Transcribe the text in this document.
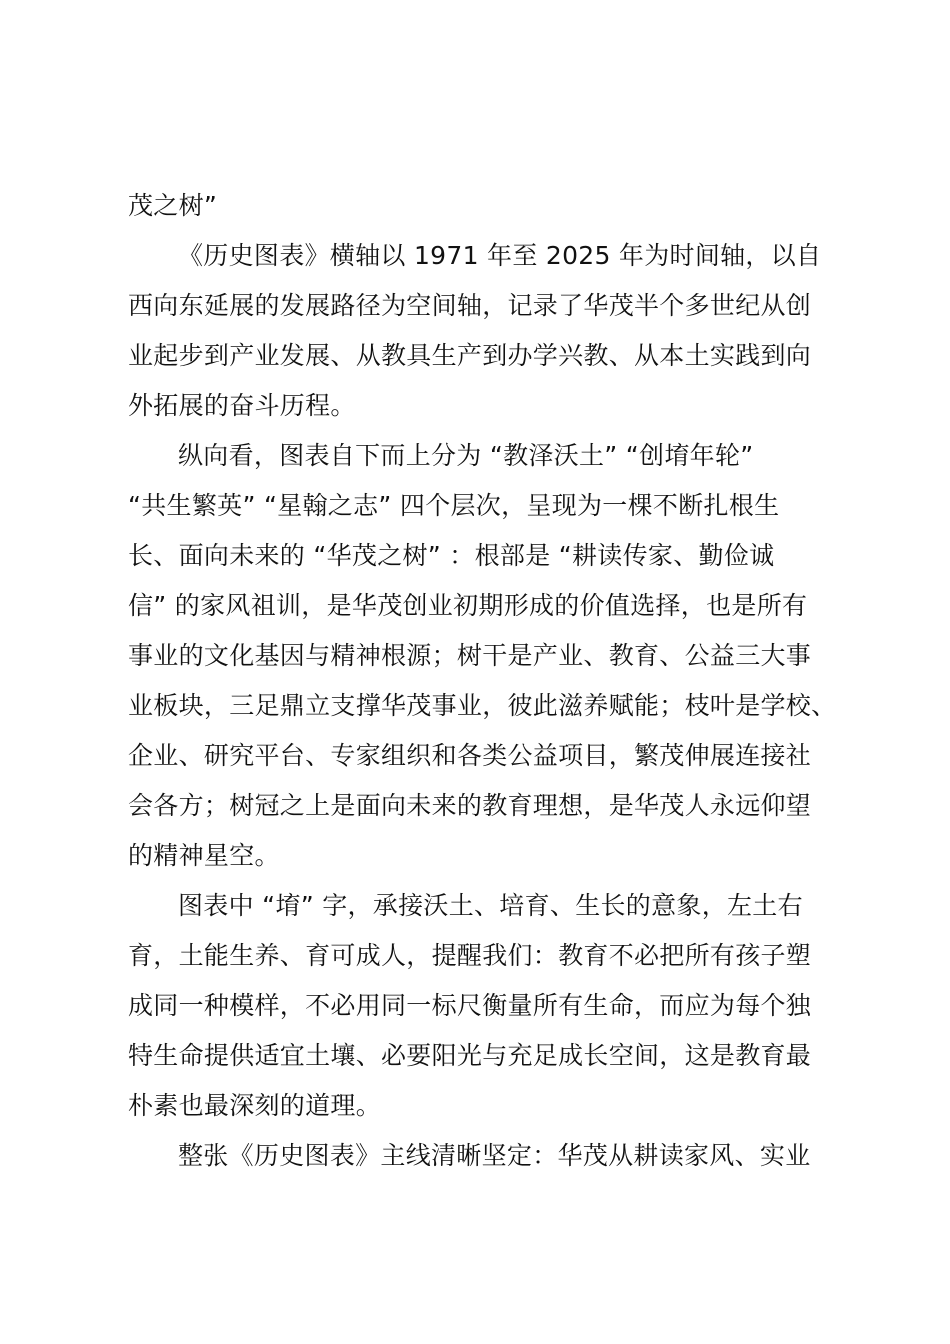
茂之树”
《历史图表》横轴以 1971 年至 2025 年为时间轴，以自
西向东延展的发展路径为空间轴，记录了华茂半个多世纪从创
业起步到产业发展、从教具生产到办学兴教、从本土实践到向
外拓展的奋斗历程。
纵向看，图表自下而上分为 “教泽沃土” “创堉年轮”
“共生繁英” “星翰之志” 四个层次，呈现为一棵不断扎根生
长、面向未来的 “华茂之树” ：根部是 “耕读传家、勤俭诚
信” 的家风祖训，是华茂创业初期形成的价值选择，也是所有
事业的文化基因与精神根源；树干是产业、教育、公益三大事
业板块，三足鼎立支撑华茂事业，彼此滋养赋能；枝叶是学校、
企业、研究平台、专家组织和各类公益项目，繁茂伸展连接社
会各方；树冠之上是面向未来的教育理想，是华茂人永远仰望
的精神星空。
图表中 “堉” 字，承接沃土、培育、生长的意象，左土右
育，土能生养、育可成人，提醒我们：教育不必把所有孩子塑
成同一种模样，不必用同一标尺衡量所有生命，而应为每个独
特生命提供适宜土壤、必要阳光与充足成长空间，这是教育最
朴素也最深刻的道理。
整张《历史图表》主线清晰坚定：华茂从耕读家风、实业
